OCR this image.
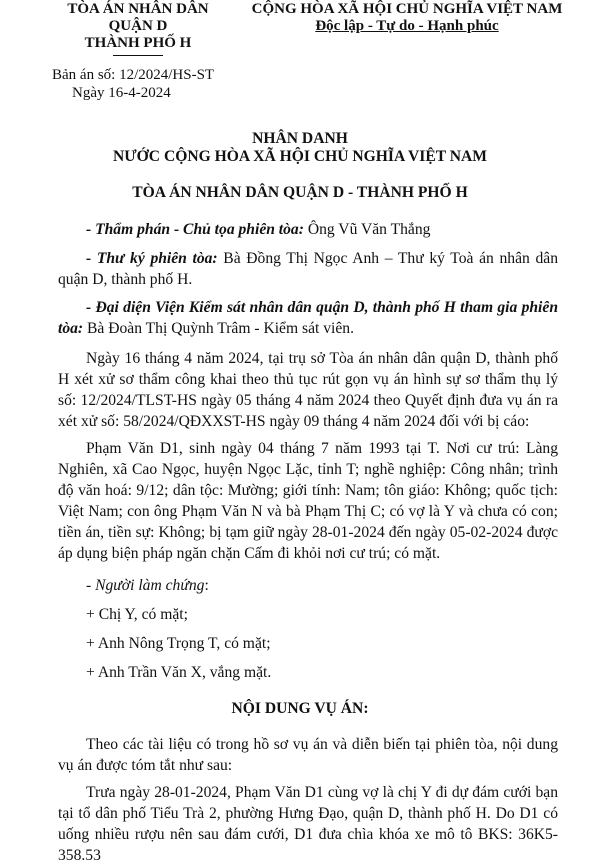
TÒA ÁN NHÂN DÂN
QUẬN D
THÀNH PHỐ H
CỘNG HÒA XÃ HỘI CHỦ NGHĨA VIỆT NAM
Độc lập - Tự do - Hạnh phúc
Bản án số: 12/2024/HS-ST
Ngày 16-4-2024
NHÂN DANH
NƯỚC CỘNG HÒA XÃ HỘI CHỦ NGHĨA VIỆT NAM
TÒA ÁN NHÂN DÂN QUẬN D - THÀNH PHỐ H
- Thẩm phán - Chủ tọa phiên tòa: Ông Vũ Văn Thắng
- Thư ký phiên tòa: Bà Đồng Thị Ngọc Anh – Thư ký Toà án nhân dân quận D, thành phố H.
- Đại diện Viện Kiểm sát nhân dân quận D, thành phố H tham gia phiên tòa: Bà Đoàn Thị Quỳnh Trâm - Kiểm sát viên.
Ngày 16 tháng 4 năm 2024, tại trụ sở Tòa án nhân dân quận D, thành phố H xét xử sơ thẩm công khai theo thủ tục rút gọn vụ án hình sự sơ thẩm thụ lý số: 12/2024/TLST-HS ngày 05 tháng 4 năm 2024 theo Quyết định đưa vụ án ra xét xử số: 58/2024/QĐXXST-HS ngày 09 tháng 4 năm 2024 đối với bị cáo:
Phạm Văn D1, sinh ngày 04 tháng 7 năm 1993 tại T. Nơi cư trú: Làng Nghiên, xã Cao Ngọc, huyện Ngọc Lặc, tỉnh T; nghề nghiệp: Công nhân; trình độ văn hoá: 9/12; dân tộc: Mường; giới tính: Nam; tôn giáo: Không; quốc tịch: Việt Nam; con ông Phạm Văn N và bà Phạm Thị C; có vợ là Y và chưa có con; tiền án, tiền sự: Không; bị tạm giữ ngày 28-01-2024 đến ngày 05-02-2024 được áp dụng biện pháp ngăn chặn Cấm đi khỏi nơi cư trú; có mặt.
- Người làm chứng:
+ Chị Y, có mặt;
+ Anh Nông Trọng T, có mặt;
+ Anh Trần Văn X, vắng mặt.
NỘI DUNG VỤ ÁN:
Theo các tài liệu có trong hồ sơ vụ án và diễn biến tại phiên tòa, nội dung vụ án được tóm tắt như sau:
Trưa ngày 28-01-2024, Phạm Văn D1 cùng vợ là chị Y đi dự đám cưới bạn tại tổ dân phố Tiểu Trà 2, phường Hưng Đạo, quận D, thành phố H. Do D1 có uống nhiều rượu nên sau đám cưới, D1 đưa chìa khóa xe mô tô BKS: 36K5-358.53
